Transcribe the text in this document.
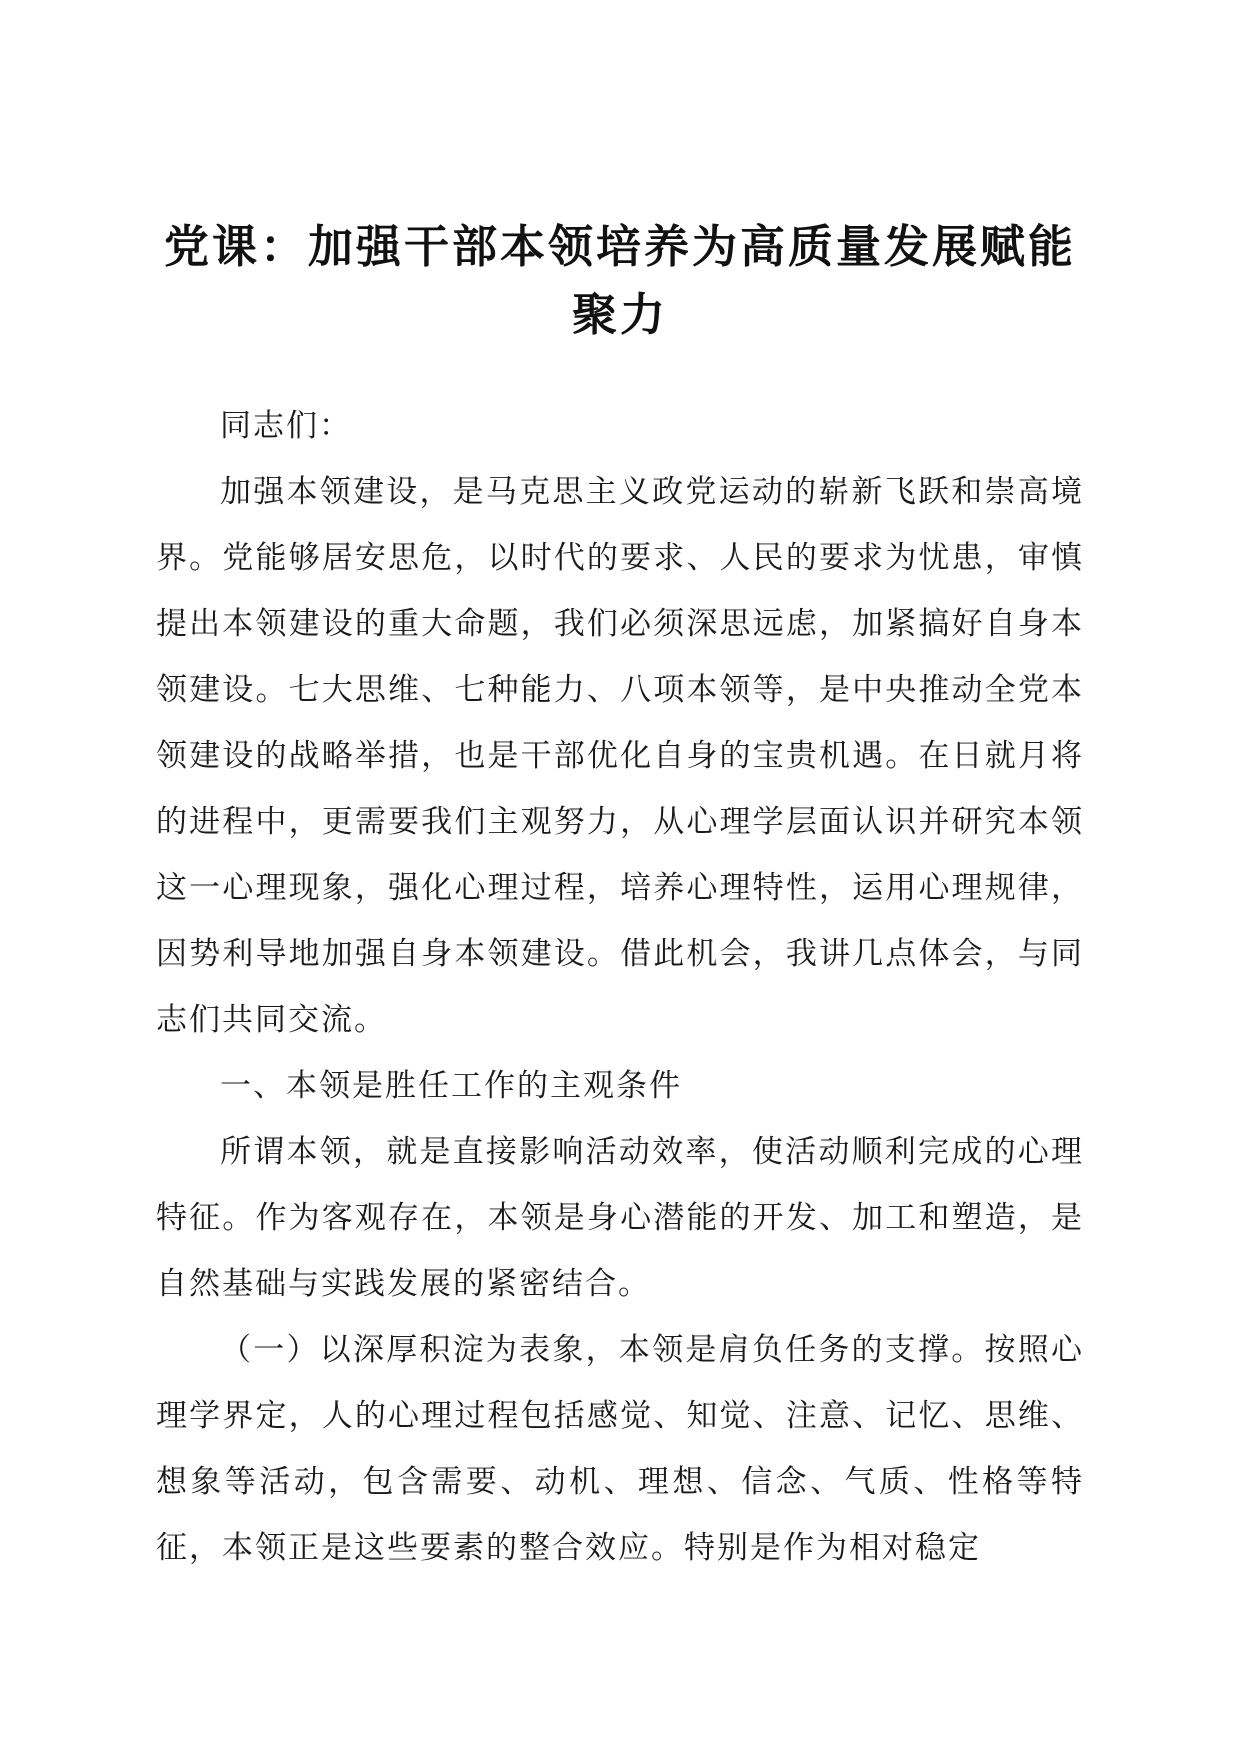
党课：加强干部本领培养为高质量发展赋能聚力

同志们：

加强本领建设，是马克思主义政党运动的崭新飞跃和崇高境界。党能够居安思危，以时代的要求、人民的要求为忧患，审慎提出本领建设的重大命题，我们必须深思远虑，加紧搞好自身本领建设。七大思维、七种能力、八项本领等，是中央推动全党本领建设的战略举措，也是干部优化自身的宝贵机遇。在日就月将的进程中，更需要我们主观努力，从心理学层面认识并研究本领这一心理现象，强化心理过程，培养心理特性，运用心理规律，因势利导地加强自身本领建设。借此机会，我讲几点体会，与同志们共同交流。

一、本领是胜任工作的主观条件

所谓本领，就是直接影响活动效率，使活动顺利完成的心理特征。作为客观存在，本领是身心潜能的开发、加工和塑造，是自然基础与实践发展的紧密结合。

（一）以深厚积淀为表象，本领是肩负任务的支撑。按照心理学界定，人的心理过程包括感觉、知觉、注意、记忆、思维、想象等活动，包含需要、动机、理想、信念、气质、性格等特征，本领正是这些要素的整合效应。特别是作为相对稳定
